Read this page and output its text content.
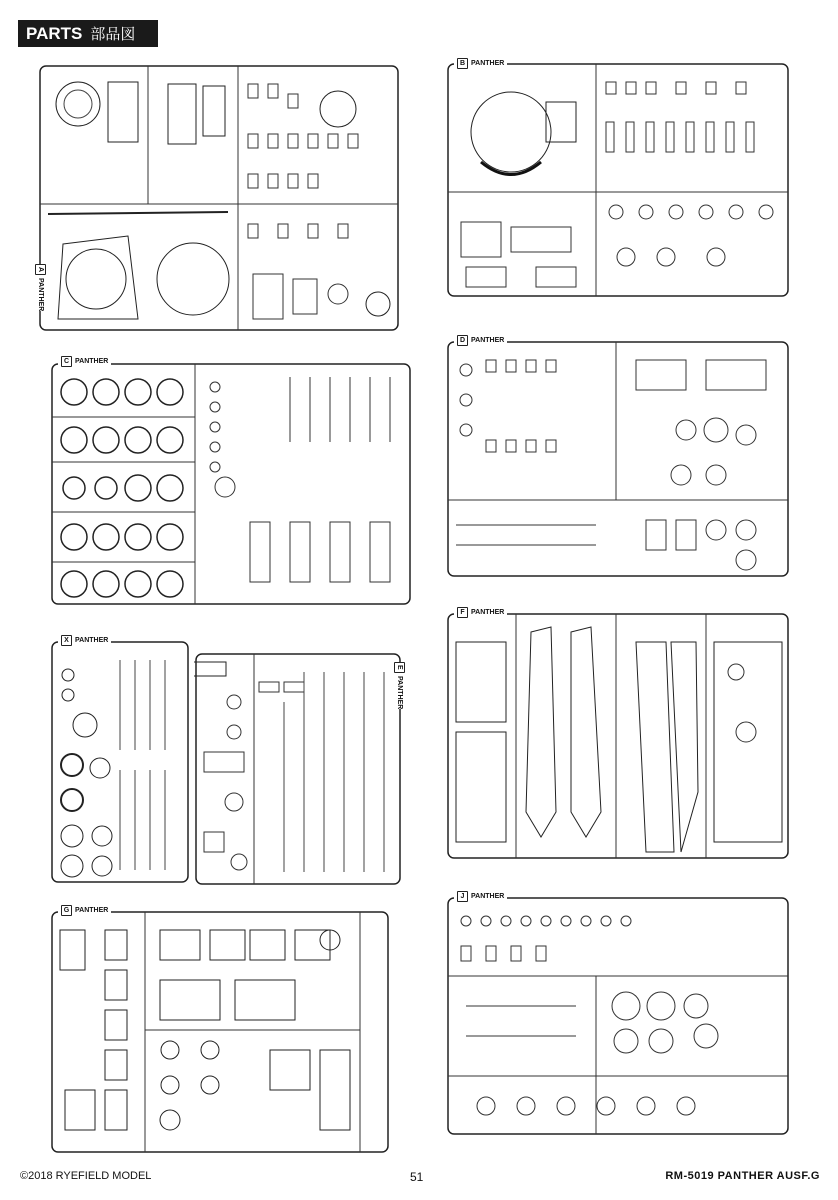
PARTS 部品図
A
PANTHER
B PANTHER
C PANTHER
D PANTHER
X PANTHER
E
PANTHER
F PANTHER
G PANTHER
J PANTHER
©2018 RYEFIELD MODEL	51	RM-5019 PANTHER AUSF.G
